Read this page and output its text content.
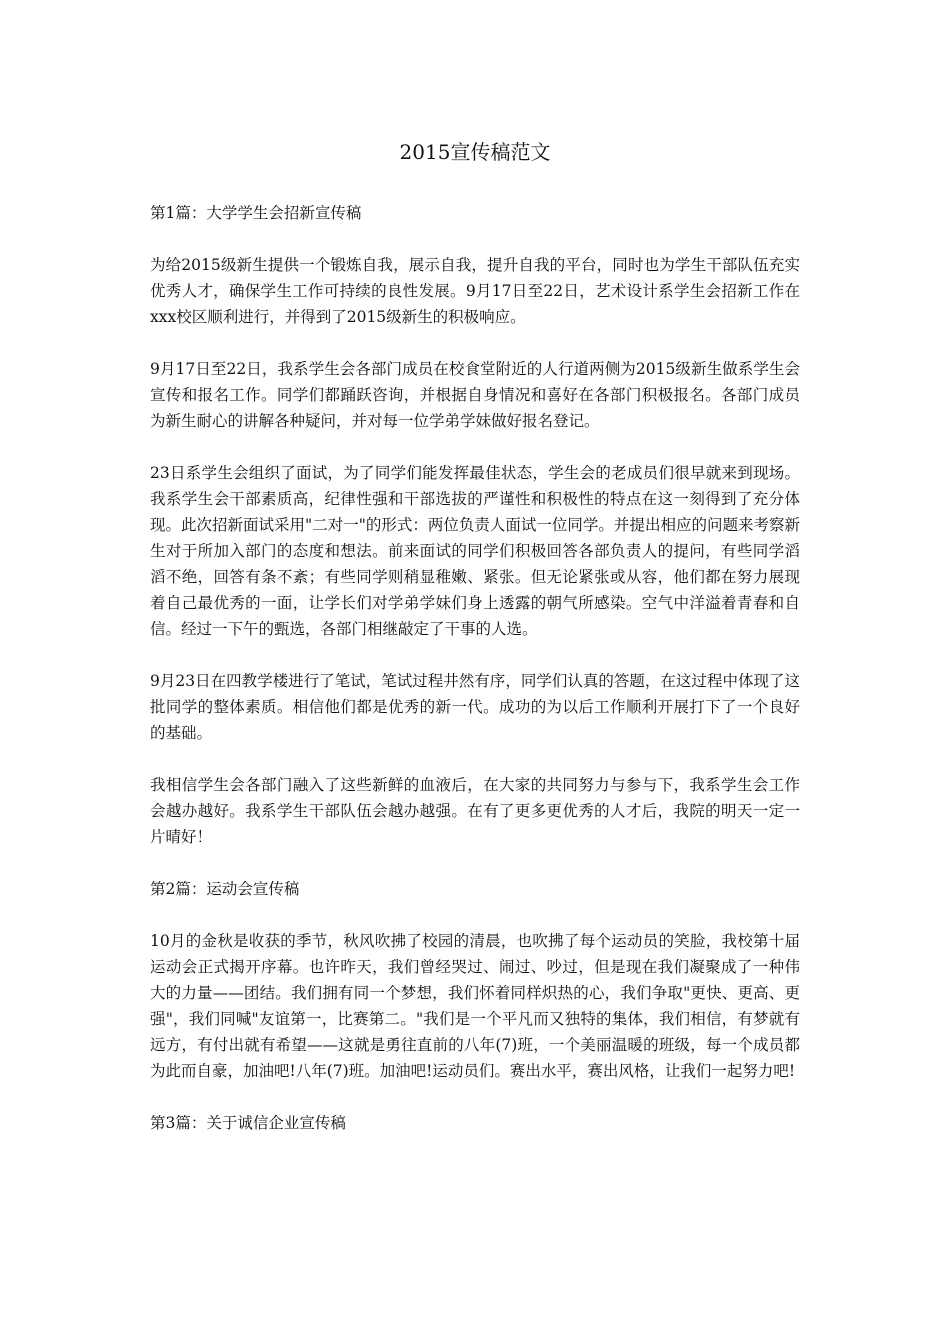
2015宣传稿范文

第1篇：大学学生会招新宣传稿

为给2015级新生提供一个锻炼自我，展示自我，提升自我的平台，同时也为学生干部队伍充实优秀人才，确保学生工作可持续的良性发展。9月17日至22日，艺术设计系学生会招新工作在xxx校区顺利进行，并得到了2015级新生的积极响应。

9月17日至22日，我系学生会各部门成员在校食堂附近的人行道两侧为2015级新生做系学生会宣传和报名工作。同学们都踊跃咨询，并根据自身情况和喜好在各部门积极报名。各部门成员为新生耐心的讲解各种疑问，并对每一位学弟学妹做好报名登记。

23日系学生会组织了面试，为了同学们能发挥最佳状态，学生会的老成员们很早就来到现场。我系学生会干部素质高，纪律性强和干部选拔的严谨性和积极性的特点在这一刻得到了充分体现。此次招新面试采用"二对一"的形式：两位负责人面试一位同学。并提出相应的问题来考察新生对于所加入部门的态度和想法。前来面试的同学们积极回答各部负责人的提问，有些同学滔滔不绝，回答有条不紊；有些同学则稍显稚嫩、紧张。但无论紧张或从容，他们都在努力展现着自己最优秀的一面，让学长们对学弟学妹们身上透露的朝气所感染。空气中洋溢着青春和自信。经过一下午的甄选，各部门相继敲定了干事的人选。

9月23日在四教学楼进行了笔试，笔试过程井然有序，同学们认真的答题，在这过程中体现了这批同学的整体素质。相信他们都是优秀的新一代。成功的为以后工作顺利开展打下了一个良好的基础。

我相信学生会各部门融入了这些新鲜的血液后，在大家的共同努力与参与下，我系学生会工作会越办越好。我系学生干部队伍会越办越强。在有了更多更优秀的人才后，我院的明天一定一片晴好！

第2篇：运动会宣传稿

10月的金秋是收获的季节，秋风吹拂了校园的清晨，也吹拂了每个运动员的笑脸，我校第十届运动会正式揭开序幕。也许昨天，我们曾经哭过、闹过、吵过，但是现在我们凝聚成了一种伟大的力量——团结。我们拥有同一个梦想，我们怀着同样炽热的心，我们争取"更快、更高、更强"，我们同喊"友谊第一，比赛第二。"我们是一个平凡而又独特的集体，我们相信，有梦就有远方，有付出就有希望——这就是勇往直前的八年(7)班，一个美丽温暖的班级，每一个成员都为此而自豪，加油吧!八年(7)班。加油吧!运动员们。赛出水平，赛出风格，让我们一起努力吧!

第3篇：关于诚信企业宣传稿
